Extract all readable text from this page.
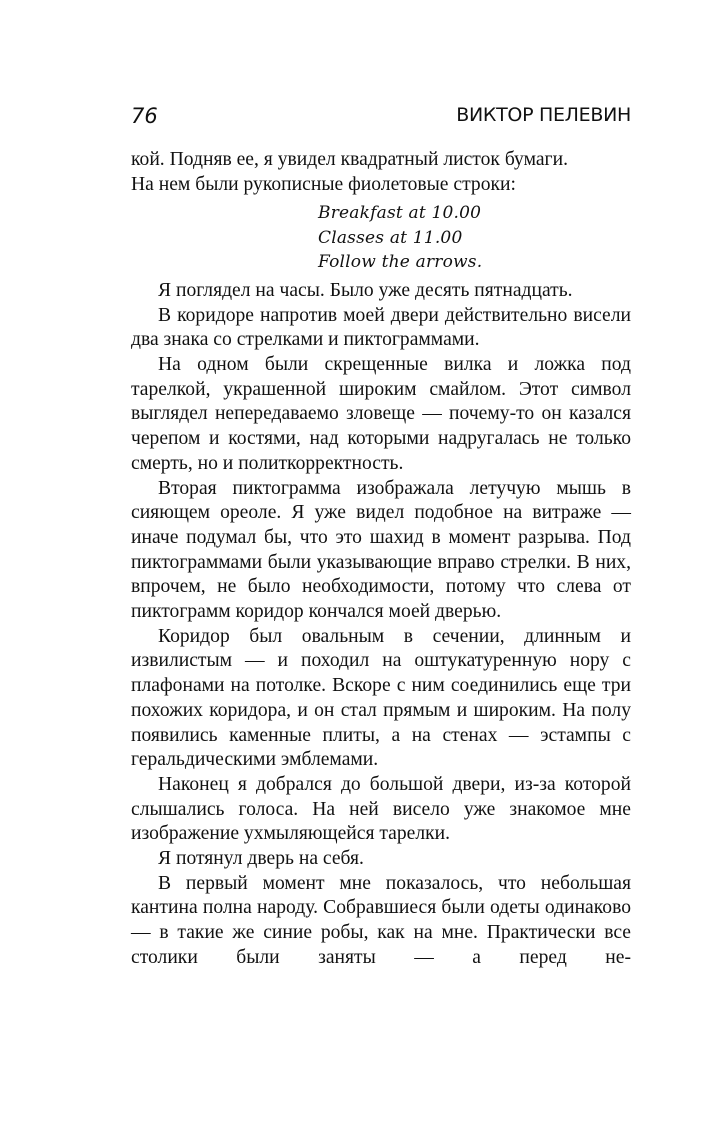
76	ВИКТОР ПЕЛЕВИН

кой. Подняв ее, я увидел квадратный листок бумаги.

На нем были рукописные фиолетовые строки:

Breakfast at 10.00
Classes at 11.00
Follow the arrows.

Я поглядел на часы. Было уже десять пятнадцать.

В коридоре напротив моей двери действительно висели два знака со стрелками и пиктограммами.

На одном были скрещенные вилка и ложка под тарелкой, украшенной широким смайлом. Этот символ выглядел непередаваемо зловеще — почему-то он казался черепом и костями, над которыми надругалась не только смерть, но и политкорректность.

Вторая пиктограмма изображала летучую мышь в сияющем ореоле. Я уже видел подобное на витраже — иначе подумал бы, что это шахид в момент разрыва. Под пиктограммами были указывающие вправо стрелки. В них, впрочем, не было необходимости, потому что слева от пиктограмм коридор кончался моей дверью.

Коридор был овальным в сечении, длинным и извилистым — и походил на оштукатуренную нору с плафонами на потолке. Вскоре с ним соединились еще три похожих коридора, и он стал прямым и широким. На полу появились каменные плиты, а на стенах — эстампы с геральдическими эмблемами.

Наконец я добрался до большой двери, из-за которой слышались голоса. На ней висело уже знакомое мне изображение ухмыляющейся тарелки.

Я потянул дверь на себя.

В первый момент мне показалось, что небольшая кантина полна народу. Собравшиеся были одеты одинаково — в такие же синие робы, как на мне. Практически все столики были заняты — а перед не-
